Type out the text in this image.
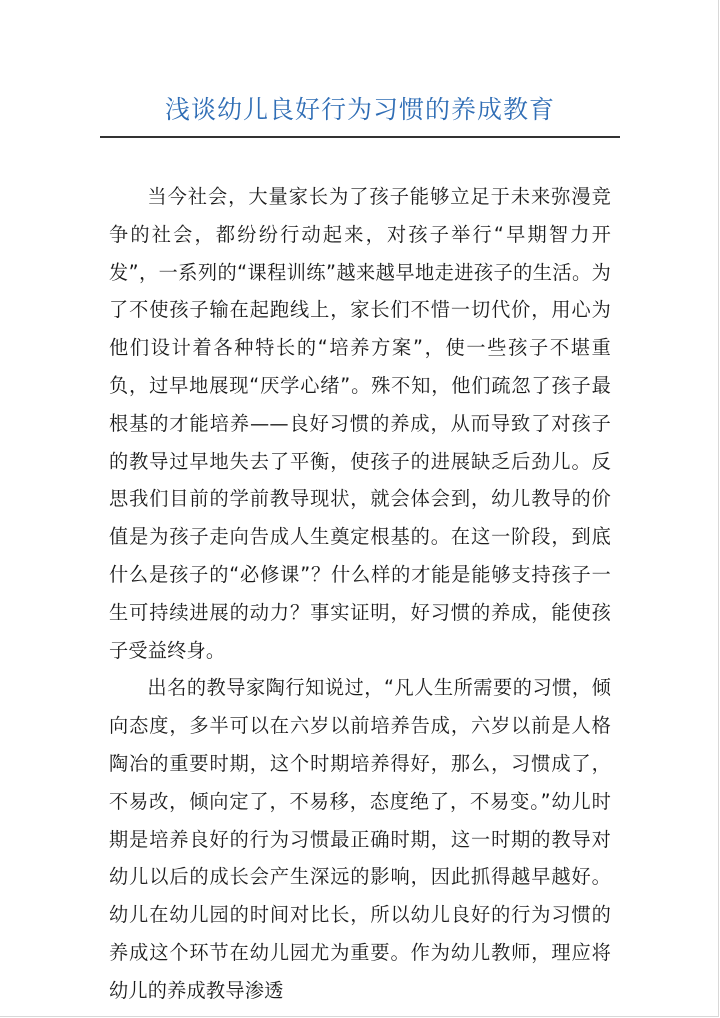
浅谈幼儿良好行为习惯的养成教育

当今社会，大量家长为了孩子能够立足于未来弥漫竞争的社会，都纷纷行动起来，对孩子举行“早期智力开发”，一系列的“课程训练”越来越早地走进孩子的生活。为了不使孩子输在起跑线上，家长们不惜一切代价，用心为他们设计着各种特长的“培养方案”，使一些孩子不堪重负，过早地展现“厌学心绪”。殊不知，他们疏忽了孩子最根基的才能培养——良好习惯的养成，从而导致了对孩子的教导过早地失去了平衡，使孩子的进展缺乏后劲儿。反思我们目前的学前教导现状，就会体会到，幼儿教导的价值是为孩子走向告成人生奠定根基的。在这一阶段，到底什么是孩子的“必修课”？什么样的才能是能够支持孩子一生可持续进展的动力？事实证明，好习惯的养成，能使孩子受益终身。

出名的教导家陶行知说过，“凡人生所需要的习惯，倾向态度，多半可以在六岁以前培养告成，六岁以前是人格陶冶的重要时期，这个时期培养得好，那么，习惯成了，不易改，倾向定了，不易移，态度绝了，不易变。”幼儿时期是培养良好的行为习惯最正确时期，这一时期的教导对幼儿以后的成长会产生深远的影响，因此抓得越早越好。幼儿在幼儿园的时间对比长，所以幼儿良好的行为习惯的养成这个环节在幼儿园尤为重要。作为幼儿教师，理应将幼儿的养成教导渗透
